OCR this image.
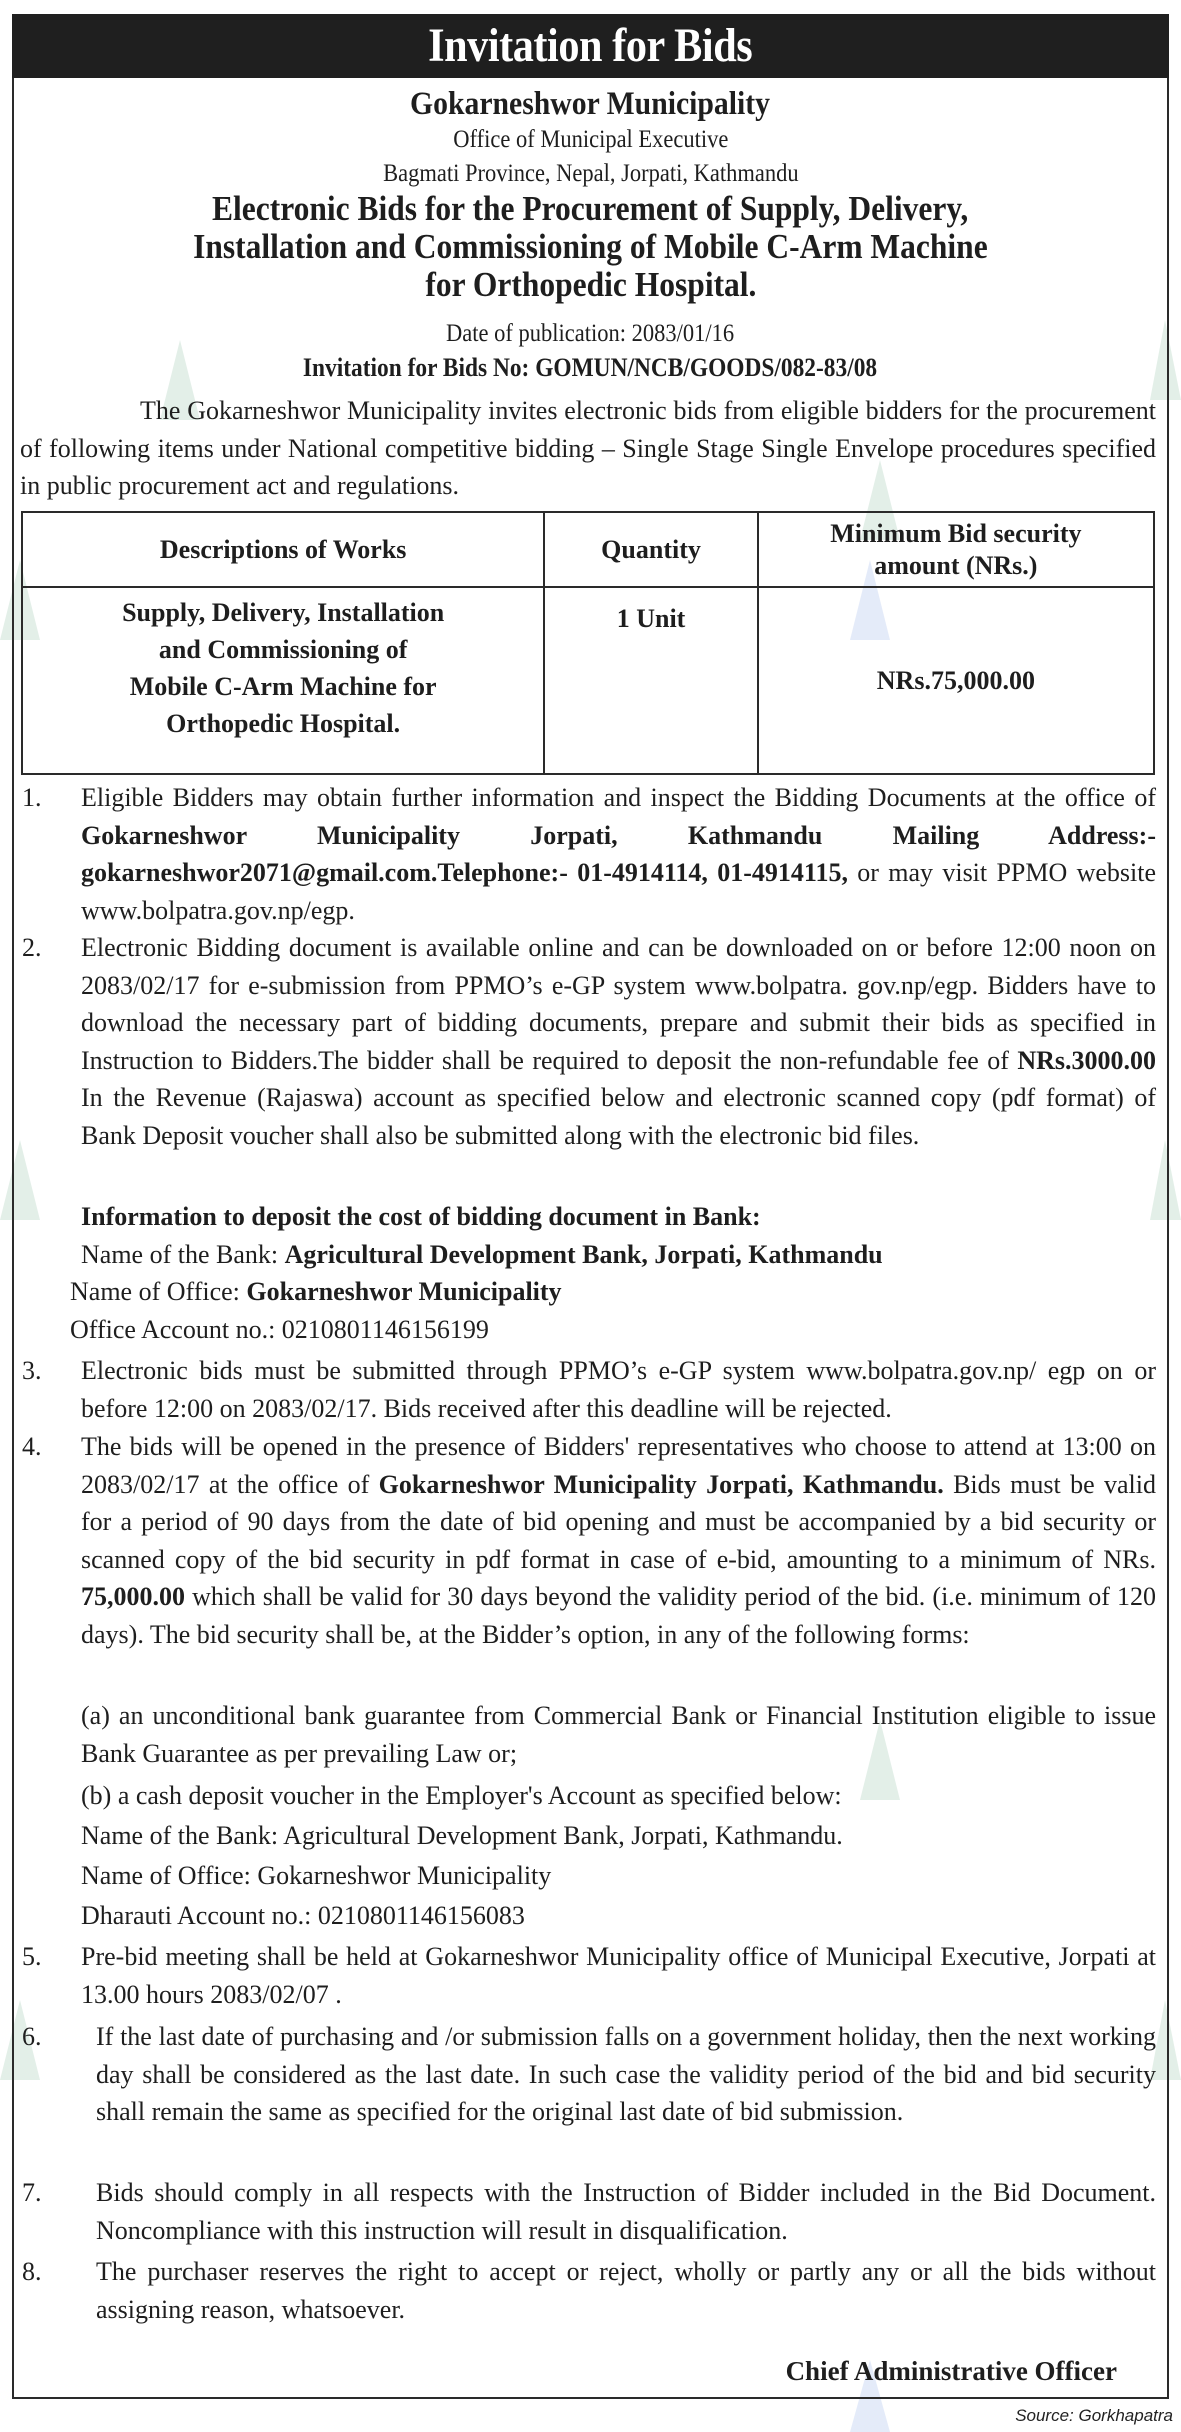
Invitation for Bids
Gokarneshwor Municipality
Office of Municipal Executive
Bagmati Province, Nepal, Jorpati, Kathmandu
Electronic Bids for the Procurement of Supply, Delivery,
Installation and Commissioning of Mobile C-Arm Machine
for Orthopedic Hospital.
Date of publication: 2083/01/16
Invitation for Bids No: GOMUN/NCB/GOODS/082-83/08
The Gokarneshwor Municipality invites electronic bids from eligible bidders for the procurement of following items under National competitive bidding – Single Stage Single Envelope procedures specified in public procurement act and regulations.
Descriptions of Works	Quantity	Minimum Bid security amount (NRs.)
Supply, Delivery, Installation and Commissioning of Mobile C-Arm Machine for Orthopedic Hospital.	1 Unit	NRs.75,000.00
1. Eligible Bidders may obtain further information and inspect the Bidding Documents at the office of Gokarneshwor Municipality Jorpati, Kathmandu Mailing Address:- gokarneshwor2071@gmail.com.Telephone:- 01-4914114, 01-4914115, or may visit PPMO website www.bolpatra.gov.np/egp.
2. Electronic Bidding document is available online and can be downloaded on or before 12:00 noon on 2083/02/17 for e-submission from PPMO’s e-GP system www.bolpatra. gov.np/egp. Bidders have to download the necessary part of bidding documents, prepare and submit their bids as specified in Instruction to Bidders.The bidder shall be required to deposit the non-refundable fee of NRs.3000.00 In the Revenue (Rajaswa) account as specified below and electronic scanned copy (pdf format) of Bank Deposit voucher shall also be submitted along with the electronic bid files.
Information to deposit the cost of bidding document in Bank:
Name of the Bank: Agricultural Development Bank, Jorpati, Kathmandu
Name of Office: Gokarneshwor Municipality
Office Account no.: 0210801146156199
3. Electronic bids must be submitted through PPMO’s e-GP system www.bolpatra.gov.np/ egp on or before 12:00 on 2083/02/17. Bids received after this deadline will be rejected.
4. The bids will be opened in the presence of Bidders' representatives who choose to attend at 13:00 on 2083/02/17 at the office of Gokarneshwor Municipality Jorpati, Kathmandu. Bids must be valid for a period of 90 days from the date of bid opening and must be accompanied by a bid security or scanned copy of the bid security in pdf format in case of e-bid, amounting to a minimum of NRs. 75,000.00 which shall be valid for 30 days beyond the validity period of the bid. (i.e. minimum of 120 days). The bid security shall be, at the Bidder’s option, in any of the following forms:
(a) an unconditional bank guarantee from Commercial Bank or Financial Institution eligible to issue Bank Guarantee as per prevailing Law or;
(b) a cash deposit voucher in the Employer's Account as specified below:
Name of the Bank: Agricultural Development Bank, Jorpati, Kathmandu.
Name of Office: Gokarneshwor Municipality
Dharauti Account no.: 0210801146156083
5. Pre-bid meeting shall be held at Gokarneshwor Municipality office of Municipal Executive, Jorpati at 13.00 hours 2083/02/07 .
6. If the last date of purchasing and /or submission falls on a government holiday, then the next working day shall be considered as the last date. In such case the validity period of the bid and bid security shall remain the same as specified for the original last date of bid submission.
7. Bids should comply in all respects with the Instruction of Bidder included in the Bid Document. Noncompliance with this instruction will result in disqualification.
8. The purchaser reserves the right to accept or reject, wholly or partly any or all the bids without assigning reason, whatsoever.
Chief Administrative Officer
Source: Gorkhapatra
